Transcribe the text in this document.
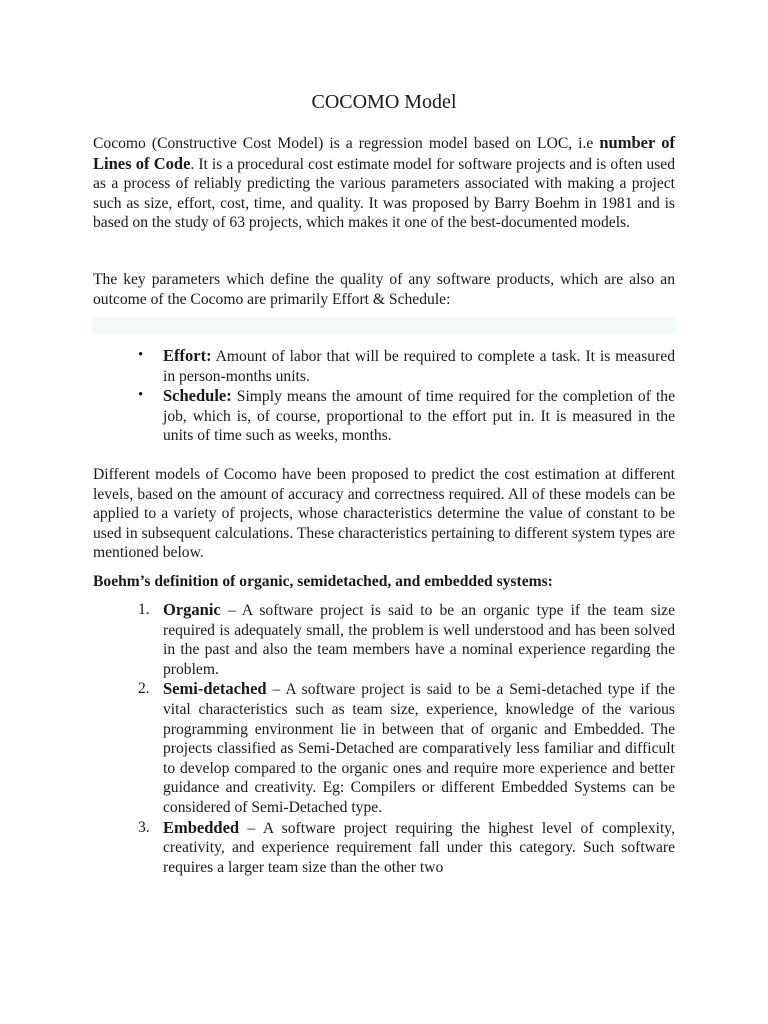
COCOMO Model

Cocomo (Constructive Cost Model) is a regression model based on LOC, i.e number of Lines of Code. It is a procedural cost estimate model for software projects and is often used as a process of reliably predicting the various parameters associated with making a project such as size, effort, cost, time, and quality. It was proposed by Barry Boehm in 1981 and is based on the study of 63 projects, which makes it one of the best-documented models.

The key parameters which define the quality of any software products, which are also an outcome of the Cocomo are primarily Effort & Schedule:

• Effort: Amount of labor that will be required to complete a task. It is measured in person-months units.
• Schedule: Simply means the amount of time required for the completion of the job, which is, of course, proportional to the effort put in. It is measured in the units of time such as weeks, months.

Different models of Cocomo have been proposed to predict the cost estimation at different levels, based on the amount of accuracy and correctness required. All of these models can be applied to a variety of projects, whose characteristics determine the value of constant to be used in subsequent calculations. These characteristics pertaining to different system types are mentioned below.

Boehm’s definition of organic, semidetached, and embedded systems:

1. Organic – A software project is said to be an organic type if the team size required is adequately small, the problem is well understood and has been solved in the past and also the team members have a nominal experience regarding the problem.
2. Semi-detached – A software project is said to be a Semi-detached type if the vital characteristics such as team size, experience, knowledge of the various programming environment lie in between that of organic and Embedded. The projects classified as Semi-Detached are comparatively less familiar and difficult to develop compared to the organic ones and require more experience and better guidance and creativity. Eg: Compilers or different Embedded Systems can be considered of Semi-Detached type.
3. Embedded – A software project requiring the highest level of complexity, creativity, and experience requirement fall under this category. Such software requires a larger team size than the other two
